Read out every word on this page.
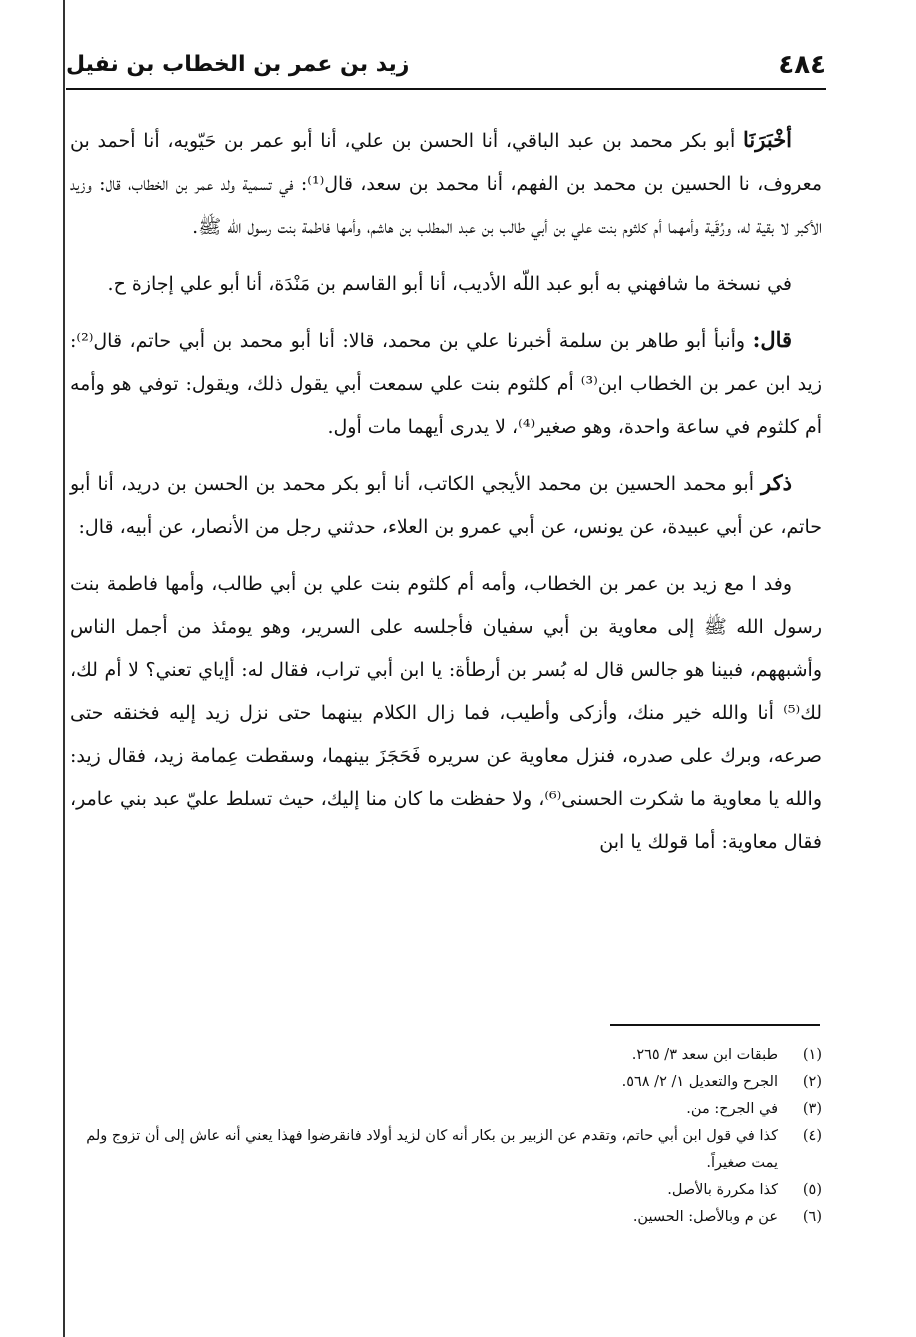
٤٨٤
زيد بن عمر بن الخطاب بن نفيل

أخْبَرَنَا أبو بكر محمد بن عبد الباقي، أنا الحسن بن علي، أنا أبو عمر بن حَيّويه، أنا أحمد بن معروف، نا الحسين بن محمد بن الفهم، أنا محمد بن سعد، قال⁽¹⁾: في تسمية ولد عمر بن الخطاب، قال: وزيد الأكبر لا بقية له، ورُقَية وأمهما أم كلثوم بنت علي بن أبي طالب بن عبد المطلب بن هاشم، وأمها فاطمة بنت رسول الله ﷺ.

في نسخة ما شافهني به أبو عبد اللّه الأديب، أنا أبو القاسم بن مَنْدَة، أنا أبو علي إجازة ح.

قال: وأنبأ أبو طاهر بن سلمة أخبرنا علي بن محمد، قالا: أنا أبو محمد بن أبي حاتم، قال⁽²⁾: زيد ابن عمر بن الخطاب ابن⁽³⁾ أم كلثوم بنت علي سمعت أبي يقول ذلك، ويقول: توفي هو وأمه أم كلثوم في ساعة واحدة، وهو صغير⁽⁴⁾، لا يدرى أيهما مات أول.

ذكر أبو محمد الحسين بن محمد الأيجي الكاتب، أنا أبو بكر محمد بن الحسن بن دريد، أنا أبو حاتم، عن أبي عبيدة، عن يونس، عن أبي عمرو بن العلاء، حدثني رجل من الأنصار، عن أبيه، قال:

وفد ا مع زيد بن عمر بن الخطاب، وأمه أم كلثوم بنت علي بن أبي طالب، وأمها فاطمة بنت رسول الله ﷺ إلى معاوية بن أبي سفيان فأجلسه على السرير، وهو يومئذ من أجمل الناس وأشبههم، فبينا هو جالس قال له بُسر بن أرطأة: يا ابن أبي تراب، فقال له: أإياي تعني؟ لا أم لك، لك⁽⁵⁾ أنا والله خير منك، وأزكى وأطيب، فما زال الكلام بينهما حتى نزل زيد إليه فخنقه حتى صرعه، وبرك على صدره، فنزل معاوية عن سريره فَحَجَزَ بينهما، وسقطت عِمامة زيد، فقال زيد: والله يا معاوية ما شكرت الحسنى⁽⁶⁾، ولا حفظت ما كان منا إليك، حيث تسلط عليّ عبد بني عامر، فقال معاوية: أما قولك يا ابن

(١)
طبقات ابن سعد ٣/ ٢٦٥.
(٢)
الجرح والتعديل ١/ ٢/ ٥٦٨.
(٣)
في الجرح: من.
(٤)
كذا في قول ابن أبي حاتم، وتقدم عن الزبير بن بكار أنه كان لزيد أولاد فانقرضوا فهذا يعني أنه عاش إلى أن تزوج ولم يمت صغيراً.
(٥)
كذا مكررة بالأصل.
(٦)
عن م وبالأصل: الحسين.
